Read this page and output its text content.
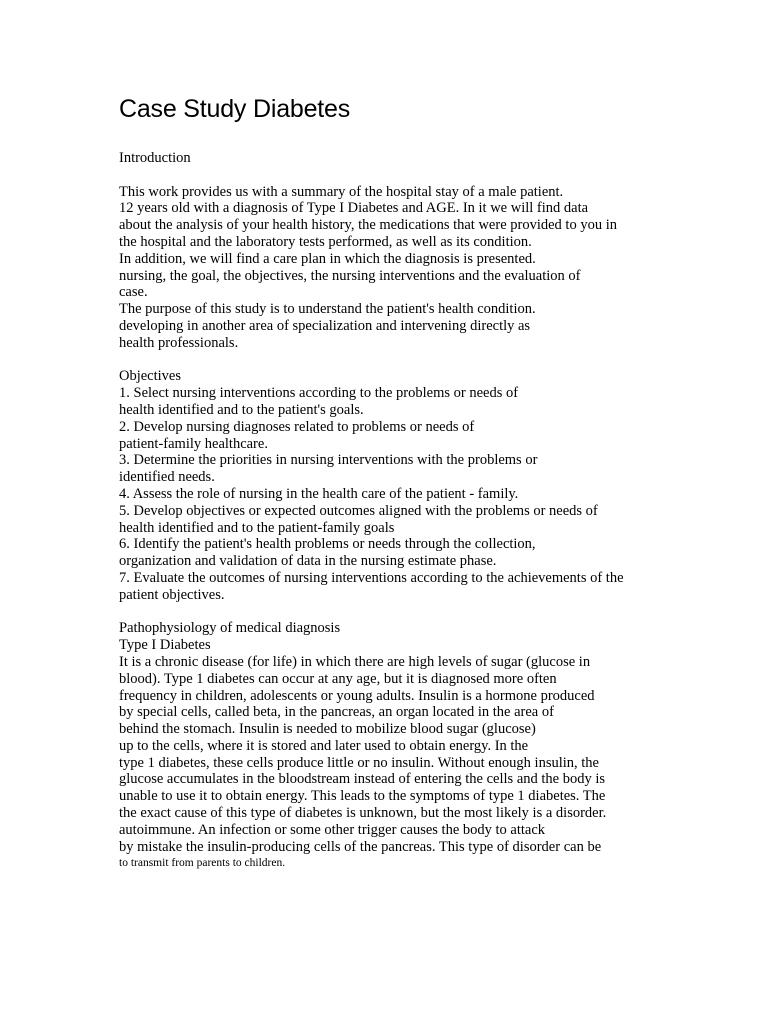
Case Study Diabetes
Introduction
This work provides us with a summary of the hospital stay of a male patient.
12 years old with a diagnosis of Type I Diabetes and AGE. In it we will find data
about the analysis of your health history, the medications that were provided to you in
the hospital and the laboratory tests performed, as well as its condition.
In addition, we will find a care plan in which the diagnosis is presented.
nursing, the goal, the objectives, the nursing interventions and the evaluation of
case.
The purpose of this study is to understand the patient's health condition.
developing in another area of specialization and intervening directly as
health professionals.
Objectives
1. Select nursing interventions according to the problems or needs of
health identified and to the patient's goals.
2. Develop nursing diagnoses related to problems or needs of
patient-family healthcare.
3. Determine the priorities in nursing interventions with the problems or
identified needs.
4. Assess the role of nursing in the health care of the patient - family.
5. Develop objectives or expected outcomes aligned with the problems or needs of
health identified and to the patient-family goals
6. Identify the patient's health problems or needs through the collection,
organization and validation of data in the nursing estimate phase.
7. Evaluate the outcomes of nursing interventions according to the achievements of the
patient objectives.
Pathophysiology of medical diagnosis
Type I Diabetes
It is a chronic disease (for life) in which there are high levels of sugar (glucose in
blood). Type 1 diabetes can occur at any age, but it is diagnosed more often
frequency in children, adolescents or young adults. Insulin is a hormone produced
by special cells, called beta, in the pancreas, an organ located in the area of
behind the stomach. Insulin is needed to mobilize blood sugar (glucose)
up to the cells, where it is stored and later used to obtain energy. In the
type 1 diabetes, these cells produce little or no insulin. Without enough insulin, the
glucose accumulates in the bloodstream instead of entering the cells and the body is
unable to use it to obtain energy. This leads to the symptoms of type 1 diabetes. The
the exact cause of this type of diabetes is unknown, but the most likely is a disorder.
autoimmune. An infection or some other trigger causes the body to attack
by mistake the insulin-producing cells of the pancreas. This type of disorder can be
to transmit from parents to children.
